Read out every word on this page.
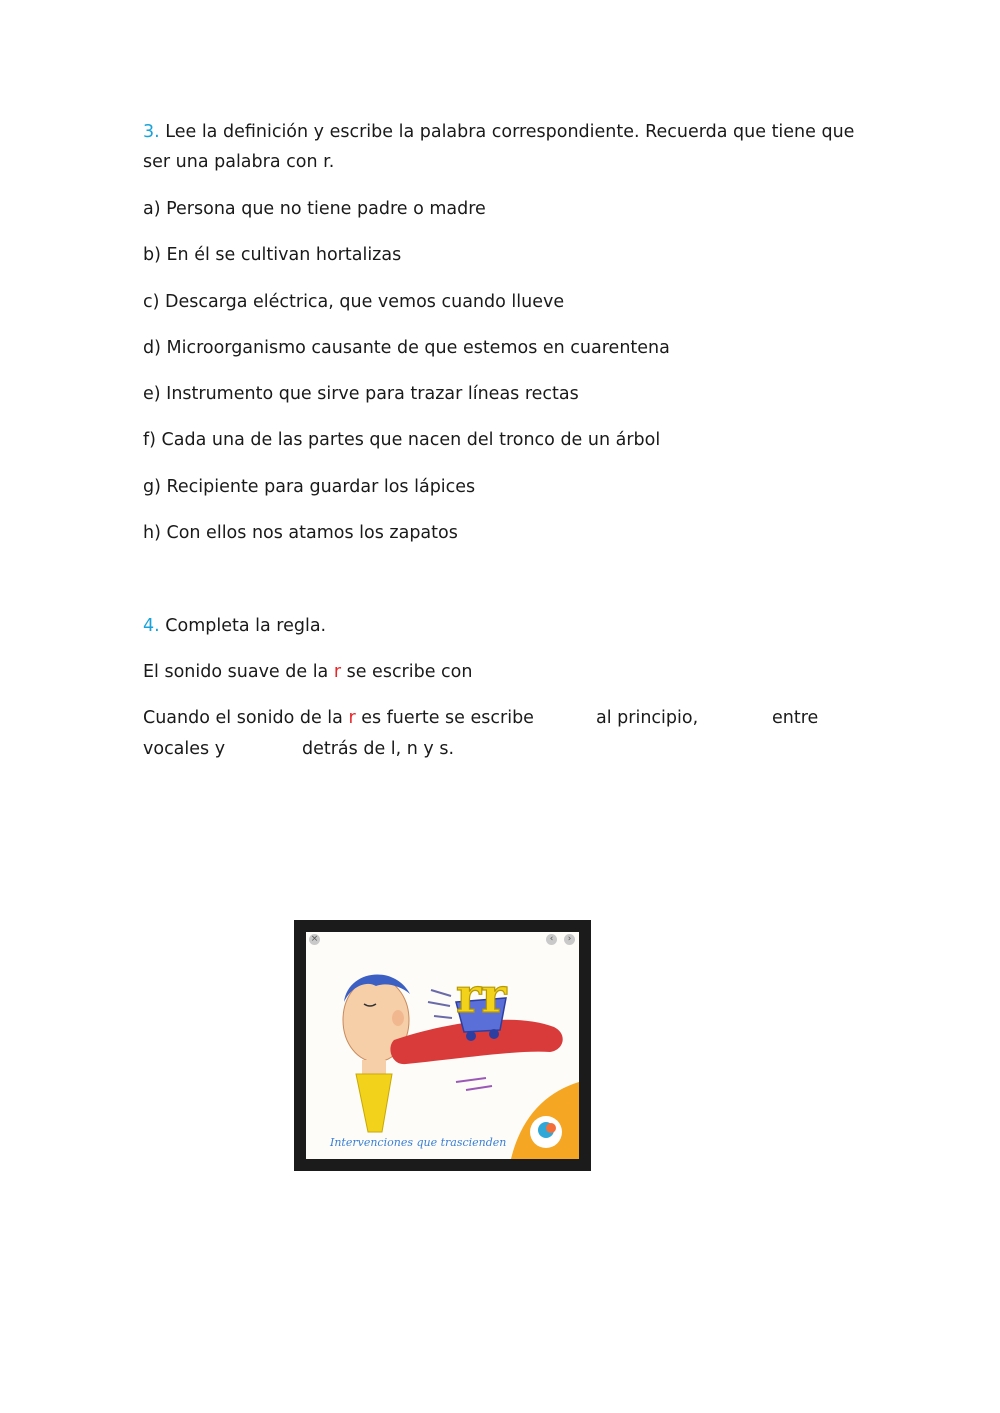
3. Lee la definición y escribe la palabra correspondiente. Recuerda que tiene que
ser una palabra con r.
a) Persona que no tiene padre o madre
b) En él se cultivan hortalizas
c) Descarga eléctrica, que vemos cuando llueve
d) Microorganismo causante de que estemos en cuarentena
e) Instrumento que sirve para trazar líneas rectas
f) Cada una de las partes que nacen del tronco de un árbol
g) Recipiente para guardar los lápices
h) Con ellos nos atamos los zapatos
4. Completa la regla.
El sonido suave de la r se escribe con
Cuando el sonido de la r es fuerte se escribe	al principio,	entre
vocales y	detrás de l, n y s.
rr
Intervenciones que trascienden
×	‹	›
